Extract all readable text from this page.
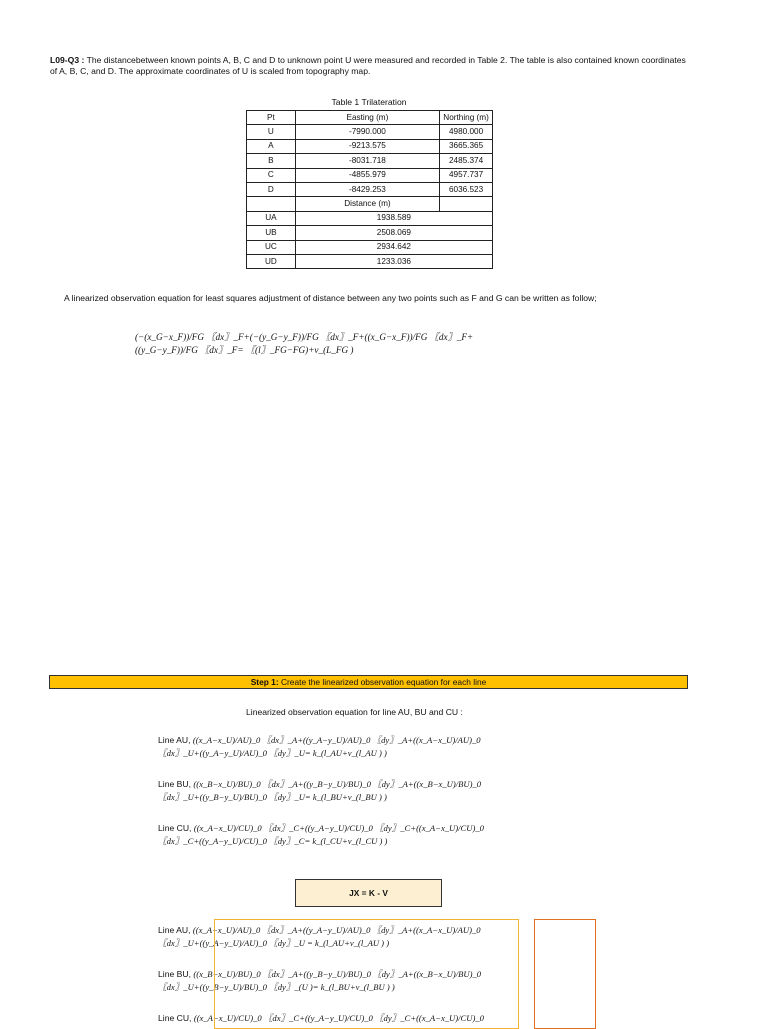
L09-Q3 : The distancebetween known points A, B, C and D to unknown point U were measured and recorded in Table 2. The table is also contained known coordinates of A, B, C, and D. The approximate coordinates of U is scaled from topography map.
Table 1 Trilateration
Pt	Easting (m)	Northing (m)
U	-7990.000	4980.000
A	-9213.575	3665.365
B	-8031.718	2485.374
C	-4855.979	4957.737
D	-8429.253	6036.523
	Distance (m)	
UA	1938.589	
UB	2508.069	
UC	2934.642	
UD	1233.036	
A linearized observation equation for least squares adjustment of distance between any two points such as F and G can be written as follow;
(−(x_G−x_F))/FG 〖dx〗_F+(−(y_G−y_F))/FG 〖dx〗_F+((x_G−x_F))/FG 〖dx〗_F+
((y_G−y_F))/FG 〖dx〗_F= 〖(l〗_FG−FG)+v_(L_FG )
Step 1: Create the linearized observation equation for each line
Linearized observation equation for line AU, BU and CU :
Line AU, ((x_A−x_U)/AU)_0 〖dx〗_A+((y_A−y_U)/AU)_0 〖dy〗_A+((x_A−x_U)/AU)_0
〖dx〗_U+((y_A−y_U)/AU)_0 〖dy〗_U= k_(l_AU+v_(l_AU ) )
Line BU, ((x_B−x_U)/BU)_0 〖dx〗_A+((y_B−y_U)/BU)_0 〖dy〗_A+((x_B−x_U)/BU)_0
〖dx〗_U+((y_B−y_U)/BU)_0 〖dy〗_U= k_(l_BU+v_(l_BU ) )
Line CU, ((x_A−x_U)/CU)_0 〖dx〗_C+((y_A−y_U)/CU)_0 〖dy〗_C+((x_A−x_U)/CU)_0
〖dx〗_C+((y_A−y_U)/CU)_0 〖dy〗_C= k_(l_CU+v_(l_CU ) )
JX = K - V
Line AU, ((x_A−x_U)/AU)_0 〖dx〗_A+((y_A−y_U)/AU)_0 〖dy〗_A+((x_A−x_U)/AU)_0
〖dx〗_U+((y_A−y_U)/AU)_0 〖dy〗_U = k_(l_AU+v_(l_AU ) )
Line BU, ((x_B−x_U)/BU)_0 〖dx〗_A+((y_B−y_U)/BU)_0 〖dy〗_A+((x_B−x_U)/BU)_0
〖dx〗_U+((y_B−y_U)/BU)_0 〖dy〗_(U )= k_(l_BU+v_(l_BU ) )
Line CU, ((x_A−x_U)/CU)_0 〖dx〗_C+((y_A−y_U)/CU)_0 〖dy〗_C+((x_A−x_U)/CU)_0
